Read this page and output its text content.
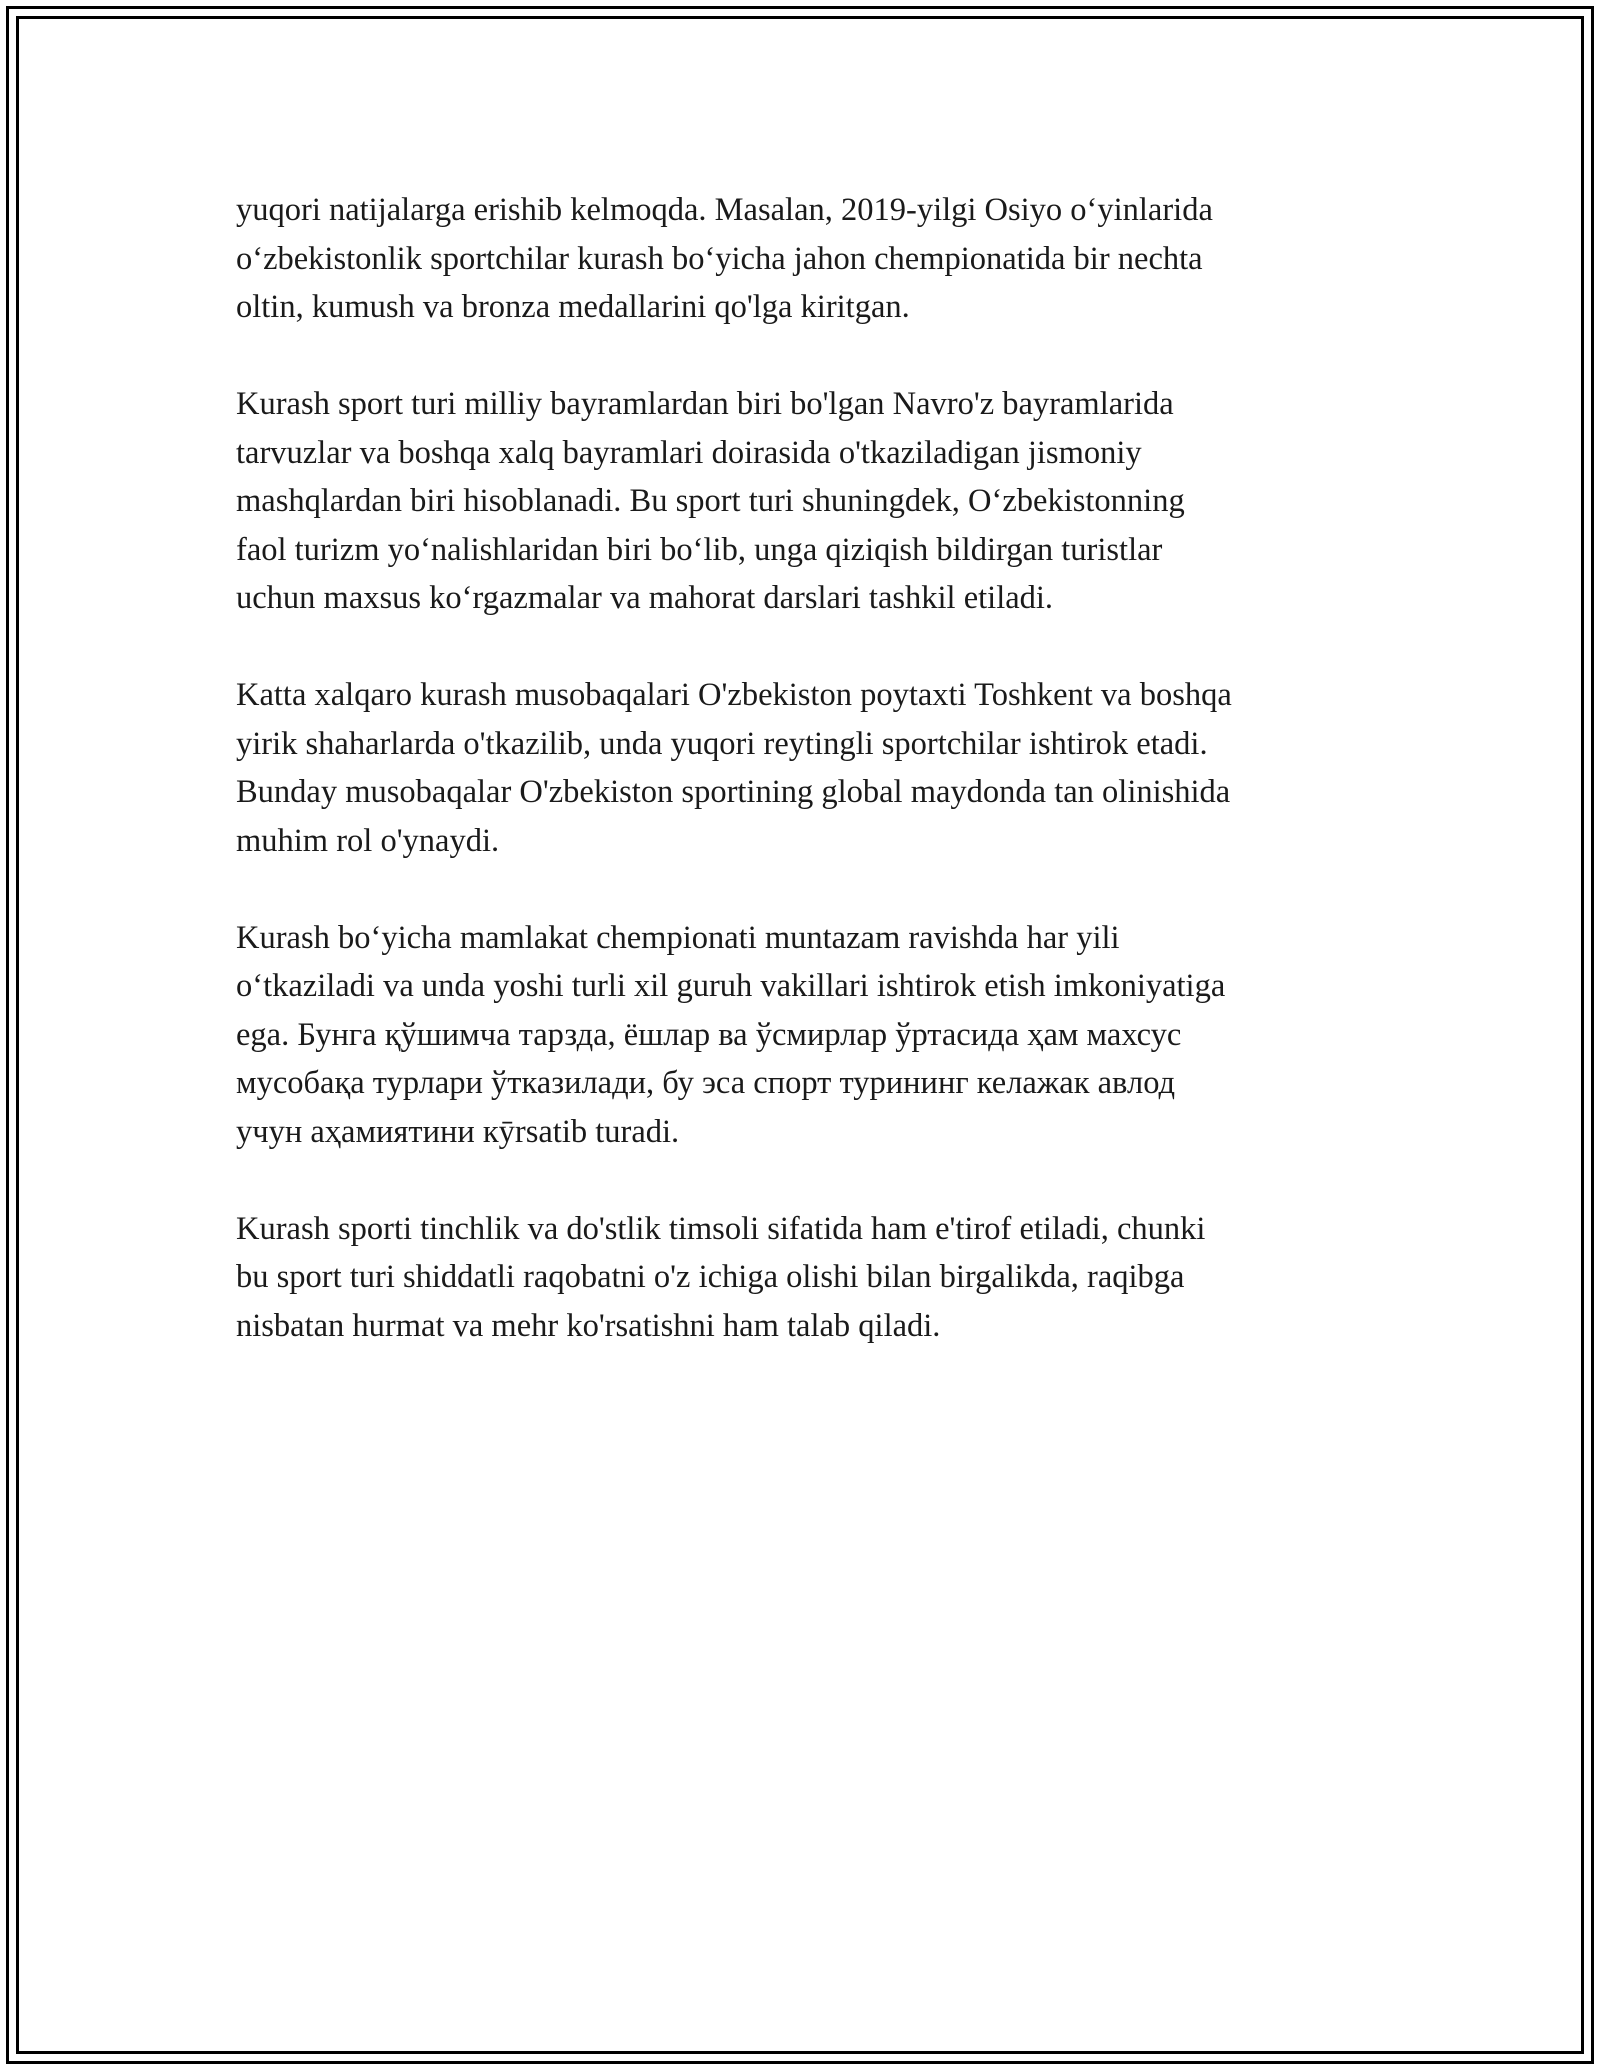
yuqori natijalarga erishib kelmoqda. Masalan, 2019-yilgi Osiyo o‘yinlarida
o‘zbekistonlik sportchilar kurash bo‘yicha jahon chempionatida bir nechta
oltin, kumush va bronza medallarini qo'lga kiritgan.

Kurash sport turi milliy bayramlardan biri bo'lgan Navro'z bayramlarida
tarvuzlar va boshqa xalq bayramlari doirasida o'tkaziladigan jismoniy
mashqlardan biri hisoblanadi. Bu sport turi shuningdek, O‘zbekistonning
faol turizm yo‘nalishlaridan biri bo‘lib, unga qiziqish bildirgan turistlar
uchun maxsus ko‘rgazmalar va mahorat darslari tashkil etiladi.

Katta xalqaro kurash musobaqalari O'zbekiston poytaxti Toshkent va boshqa
yirik shaharlarda o'tkazilib, unda yuqori reytingli sportchilar ishtirok etadi.
Bunday musobaqalar O'zbekiston sportining global maydonda tan olinishida
muhim rol o'ynaydi.

Kurash bo‘yicha mamlakat chempionati muntazam ravishda har yili
o‘tkaziladi va unda yoshi turli xil guruh vakillari ishtirok etish imkoniyatiga
ega. Бунга қўшимча тарзда, ёшлар ва ўсмирлар ўртасида ҳам махсус
мусобақа турлари ўтказилади, бу эса спорт турининг келажак авлод
учун аҳамиятини кӯrsatib turadi.

Kurash sporti tinchlik va do'stlik timsoli sifatida ham e'tirof etiladi, chunki
bu sport turi shiddatli raqobatni o'z ichiga olishi bilan birgalikda, raqibga
nisbatan hurmat va mehr ko'rsatishni ham talab qiladi.
